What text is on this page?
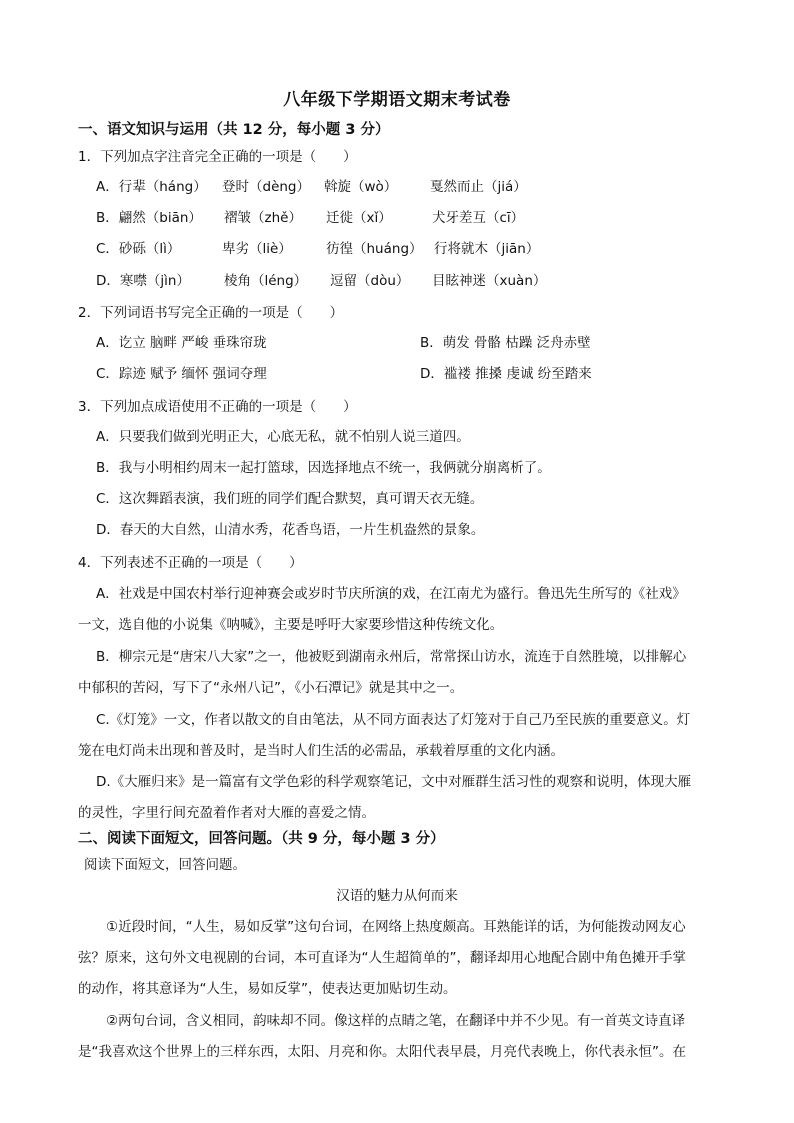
八年级下学期语文期末考试卷
一、语文知识与运用（共 12 分，每小题 3 分）
1．下列加点字注音完全正确的一项是（　　）
A．行辈（háng） 登时（dèng） 斡旋（wò） 戛然而止（jiá）
B．翩然（biān） 褶皱（zhě） 迁徙（xǐ）	犬牙差互（cī）
C．砂砾（lì）	卑劣（liè）	彷徨（huáng） 行将就木（jiān）
D．寒噤（jìn）	棱角（léng） 逗留（dòu） 目眩神迷（xuàn）
2．下列词语书写完全正确的一项是（　　）
A．讫立 脑畔 严峻 垂珠帘珑	B．萌发 骨骼 枯躁 泛舟赤壁
C．踪迹 赋予 缅怀 强词夺理	D．褴褛 推搡 虔诚 纷至踏来
3．下列加点成语使用不正确的一项是（　　）
A．只要我们做到光明正大，心底无私，就不怕别人说三道四。
B．我与小明相约周末一起打篮球，因选择地点不统一，我俩就分崩离析了。
C．这次舞蹈表演，我们班的同学们配合默契，真可谓天衣无缝。
D．春天的大自然，山清水秀，花香鸟语，一片生机盎然的景象。
4．下列表述不正确的一项是（　　）
A．社戏是中国农村举行迎神赛会或岁时节庆所演的戏，在江南尤为盛行。鲁迅先生所写的《社戏》
一文，选自他的小说集《呐喊》，主要是呼吁大家要珍惜这种传统文化。
B．柳宗元是“唐宋八大家”之一，他被贬到湖南永州后，常常探山访水，流连于自然胜境，以排解心
中郁积的苦闷，写下了“永州八记”，《小石潭记》就是其中之一。
C.《灯笼》一文，作者以散文的自由笔法，从不同方面表达了灯笼对于自己乃至民族的重要意义。灯
笼在电灯尚未出现和普及时，是当时人们生活的必需品，承载着厚重的文化内涵。
D.《大雁归来》是一篇富有文学色彩的科学观察笔记，文中对雁群生活习性的观察和说明，体现大雁
的灵性，字里行间充盈着作者对大雁的喜爱之情。
二、阅读下面短文，回答问题。（共 9 分，每小题 3 分）
阅读下面短文，回答问题。
汉语的魅力从何而来
①近段时间，“人生，易如反掌”这句台词，在网络上热度颇高。耳熟能详的话，为何能拨动网友心
弦？原来，这句外文电视剧的台词，本可直译为“人生超简单的”，翻译却用心地配合剧中角色摊开手掌
的动作，将其意译为“人生，易如反掌”，使表达更加贴切生动。
②两句台词，含义相同，韵味却不同。像这样的点睛之笔，在翻译中并不少见。有一首英文诗直译
是“我喜欢这个世界上的三样东西，太阳、月亮和你。太阳代表早晨，月亮代表晚上，你代表永恒”。在
